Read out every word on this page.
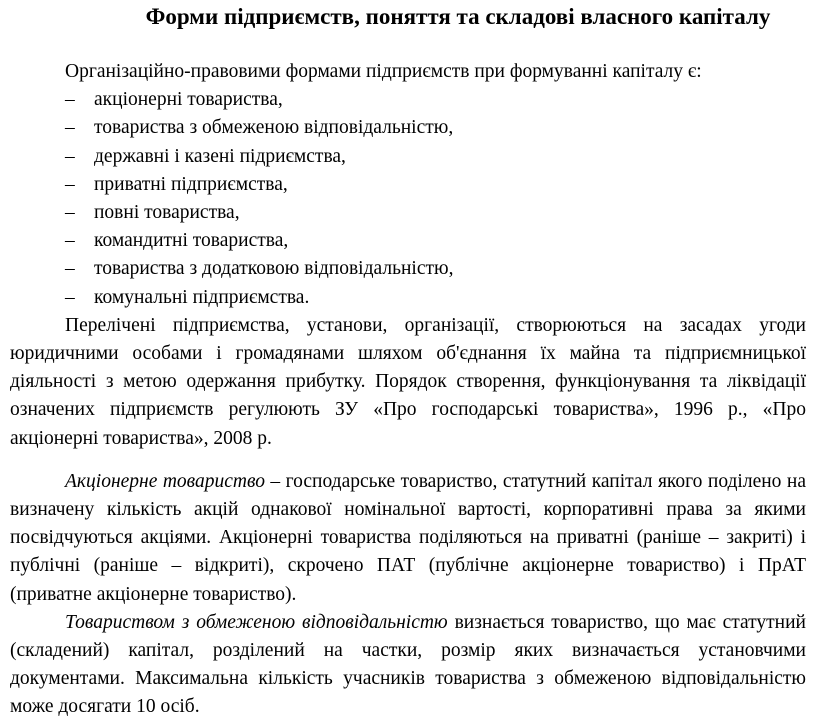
Форми підприємств, поняття та складові власного капіталу

Організаційно-правовими формами підприємств при формуванні капіталу є:

– акціонерні товариства,
– товариства з обмеженою відповідальністю,
– державні і казені підриємства,
– приватні підприємства,
– повні товариства,
– командитні товариства,
– товариства з додатковою відповідальністю,
– комунальні підприємства.

Перелічені підприємства, установи, організації, створюються на засадах угоди юридичними особами і громадянами шляхом об'єднання їх майна та підприємницької діяльності з метою одержання прибутку. Порядок створення, функціонування та ліквідації означених підприємств регулюють ЗУ «Про господарські товариства», 1996 р., «Про акціонерні товариства», 2008 р.

Акціонерне товариство – господарське товариство, статутний капітал якого поділено на визначену кількість акцій однакової номінальної вартості, корпоративні права за якими посвідчуються акціями. Акціонерні товариства поділяються на приватні (раніше – закриті) і публічні (раніше – відкриті), скрочено ПАТ (публічне акціонерне товариство) і ПрАТ (приватне акціонерне товариство).

Товариством з обмеженою відповідальністю визнається товариство, що має статутний (складений) капітал, розділений на частки, розмір яких визначається установчими документами. Максимальна кількість учасників товариства з обмеженою відповідальністю може досягати 10 осіб.
